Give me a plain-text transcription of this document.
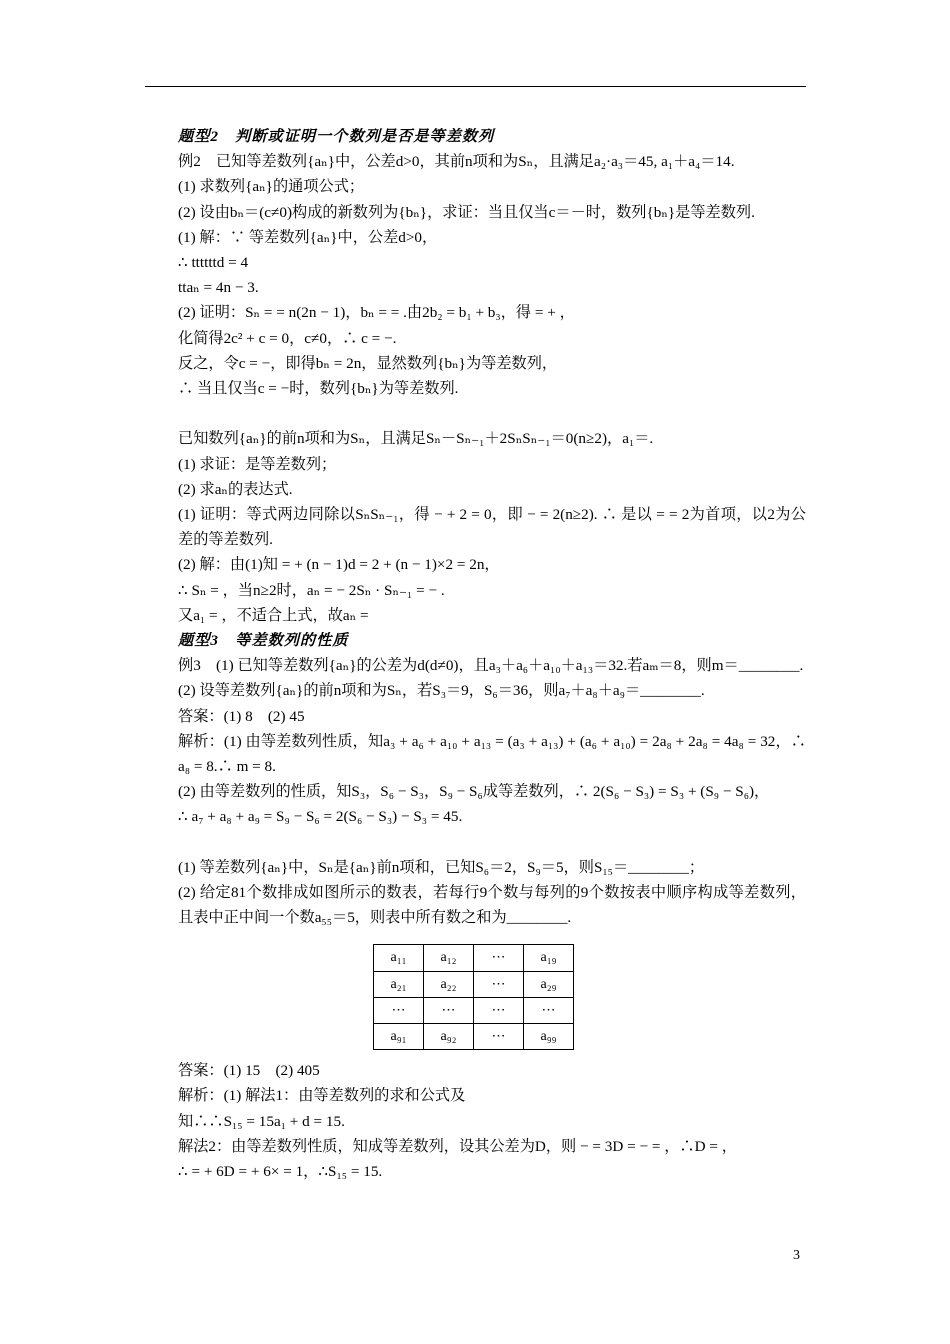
题型2　判断或证明一个数列是否是等差数列
例2　已知等差数列{aₙ}中，公差d>0，其前n项和为Sₙ，且满足a₂·a₃＝45, a₁＋a₄＝14.
(1) 求数列{aₙ}的通项公式；
(2) 设由bₙ＝(c≠0)构成的新数列为{bₙ}，求证：当且仅当c＝－时，数列{bₙ}是等差数列.
(1) 解：∵ 等差数列{aₙ}中，公差d>0，
∴ ttttttd = 4
ttaₙ = 4n − 3.
(2) 证明：Sₙ = = n(2n − 1)，bₙ = = .由2b₂ = b₁ + b₃，得 = + ，
化简得2c² + c = 0，c≠0，∴ c = −.
反之，令c = −，即得bₙ = 2n，显然数列{bₙ}为等差数列，
∴ 当且仅当c = −时，数列{bₙ}为等差数列.
已知数列{aₙ}的前n项和为Sₙ，且满足Sₙ－Sₙ₋₁＋2SₙSₙ₋₁＝0(n≥2)，a₁＝.
(1) 求证：是等差数列；
(2) 求aₙ的表达式.
(1) 证明：等式两边同除以SₙSₙ₋₁，得 − + 2 = 0，即 − = 2(n≥2). ∴ 是以 = = 2为首项，以2为公差的等差数列.
(2) 解：由(1)知 = + (n − 1)d = 2 + (n − 1)×2 = 2n，
∴ Sₙ = ，当n≥2时，aₙ = − 2Sₙ · Sₙ₋₁ = − .
又a₁ = ，不适合上式，故aₙ =
题型3　等差数列的性质
例3　(1) 已知等差数列{aₙ}的公差为d(d≠0)，且a₃＋a₆＋a₁₀＋a₁₃＝32.若aₘ＝8，则m＝________.
(2) 设等差数列{aₙ}的前n项和为Sₙ，若S₃＝9，S₆＝36，则a₇＋a₈＋a₉＝________.
答案：(1) 8　(2) 45
解析：(1) 由等差数列性质，知a₃ + a₆ + a₁₀ + a₁₃ = (a₃ + a₁₃) + (a₆ + a₁₀) = 2a₈ + 2a₈ = 4a₈ = 32，∴ a₈ = 8.∴ m = 8.
(2) 由等差数列的性质，知S₃，S₆ − S₃，S₉ − S₆成等差数列，∴ 2(S₆ − S₃) = S₃ + (S₉ − S₆)，
∴ a₇ + a₈ + a₉ = S₉ − S₆ = 2(S₆ − S₃) − S₃ = 45.
(1) 等差数列{aₙ}中，Sₙ是{aₙ}前n项和，已知S₆＝2，S₉＝5，则S₁₅＝________；
(2) 给定81个数排成如图所示的数表，若每行9个数与每列的9个数按表中顺序构成等差数列，且表中正中间一个数a₅₅＝5，则表中所有数之和为________.
a₁₁	a₁₂	⋯	a₁₉
a₂₁	a₂₂	⋯	a₂₉
⋯	⋯	⋯	⋯
a₉₁	a₉₂	⋯	a₉₉
答案：(1) 15　(2) 405
解析：(1) 解法1：由等差数列的求和公式及
知∴∴S₁₅ = 15a₁ + d = 15.
解法2：由等差数列性质，知成等差数列，设其公差为D，则 − = 3D = − = ，∴D = ，
∴ = + 6D = + 6× = 1，∴S₁₅ = 15.
3
